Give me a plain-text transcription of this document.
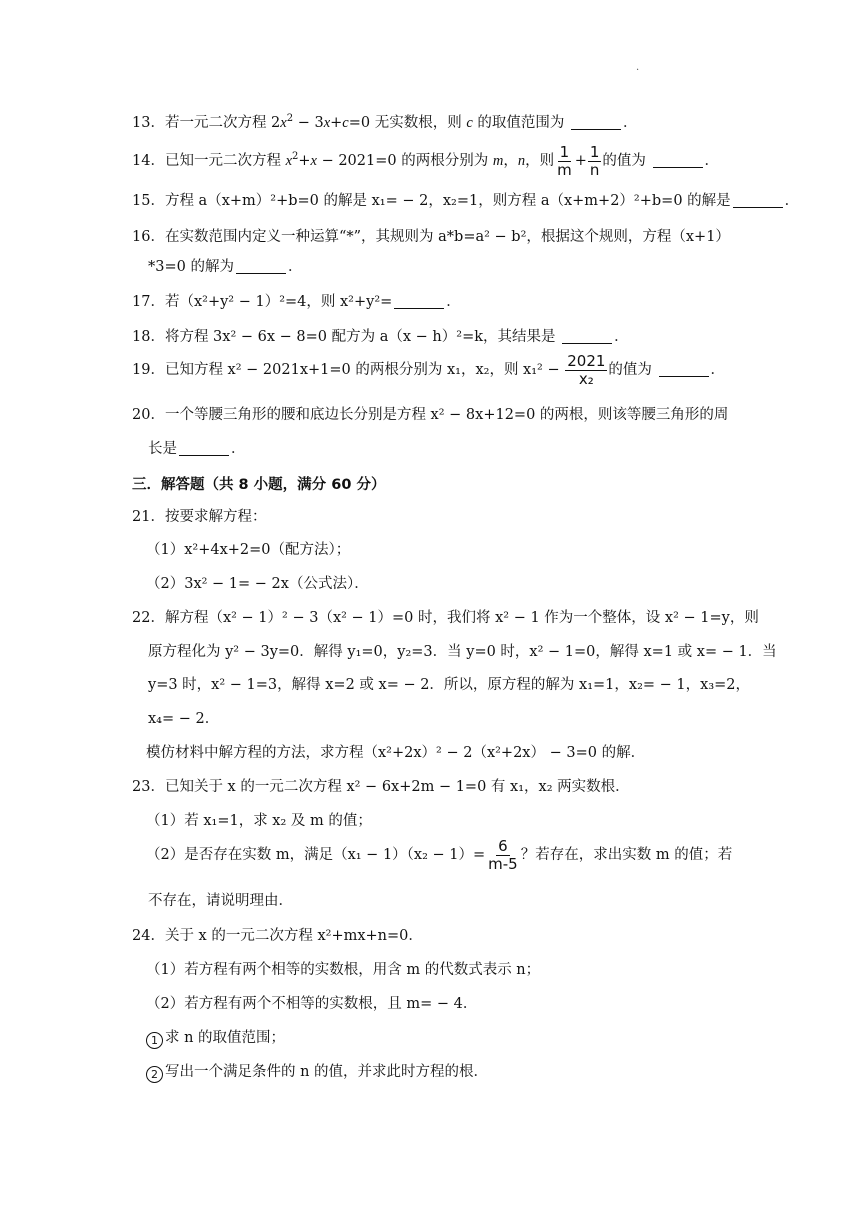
.
13．若一元二次方程 $2x^2 - 3x+c=0$ 无实数根，则 c 的取值范围为	．
14．已知一元二次方程 $x^2+x - 2021=0$ 的两根分别为 m，n，则 $\frac{1}{m} + \frac{1}{n}$ 的值为	．
15．方程 a（x+m）²+b=0 的解是 x₁= − 2，x₂=1，则方程 a（x+m+2）²+b=0 的解是	．
16．在实数范围内定义一种运算“*”，其规则为 a*b=a² − b²，根据这个规则，方程（x+1）
*3=0 的解为	．
17．若（x²+y² − 1）²=4，则 x²+y²=	．
18．将方程 3x² − 6x − 8=0 配方为 a（x − h）²=k，其结果是	．
19．已知方程 x² − 2021x+1=0 的两根分别为 x₁，x₂，则 $x_1^2 - \frac{2021}{\text{x₂}}$ 的值为	．
20．一个等腰三角形的腰和底边长分别是方程 x² − 8x+12=0 的两根，则该等腰三角形的周
长是	．
三．解答题（共 8 小题，满分 60 分）
21．按要求解方程：
（1）x²+4x+2=0（配方法）；
（2）3x² − 1= − 2x（公式法）．
22．解方程（x² − 1）² − 3（x² − 1）=0 时，我们将 x² − 1 作为一个整体，设 x² − 1=y，则
原方程化为 y² − 3y=0．解得 y₁=0，y₂=3．当 y=0 时，x² − 1=0，解得 x=1 或 x= − 1．当
y=3 时，x² − 1=3，解得 x=2 或 x= − 2．所以，原方程的解为 x₁=1，x₂= − 1，x₃=2，
x₄= − 2．
模仿材料中解方程的方法，求方程（x²+2x）² − 2（x²+2x） − 3=0 的解．
23．已知关于 x 的一元二次方程 x² − 6x+2m − 1=0 有 x₁，x₂ 两实数根．
（1）若 x₁=1，求 x₂ 及 m 的值；
（2）是否存在实数 m，满足$(x_1 - 1)(x_2 - 1)= \frac{6}{m-5}$ ？若存在，求出实数 m 的值；若
不存在，请说明理由．
24．关于 x 的一元二次方程 x²+mx+n=0．
（1）若方程有两个相等的实数根，用含 m 的代数式表示 n；
（2）若方程有两个不相等的实数根，且 m= − 4．
1 求 n 的取值范围；
2 写出一个满足条件的 n 的值，并求此时方程的根．
